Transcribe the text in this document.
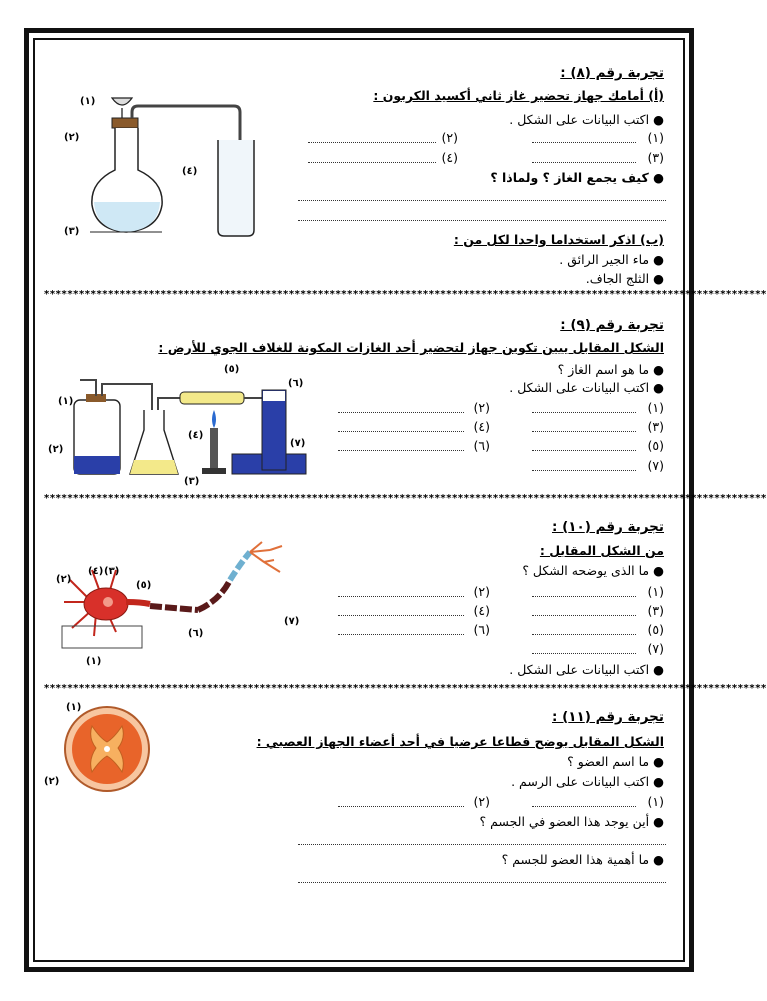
تجربة رقم (٨) :
(أ) أمامك جهاز تحضير غاز ثاني أكسيد الكربون :
● اكتب البيانات على الشكل .
(١)
(٢)
(٣)
(٤)
● كيف يجمع الغاز ؟ ولماذا ؟
(ب) اذكر استخداما واحدا لكل من :
● ماء الجير الرائق .
● الثلج الجاف.
(١)
(٢)
(٣)
(٤)
****************************************************************************************************************************
تجربة رقم (٩) :
الشكل المقابل يبين تكوين جهاز لتحضير أحد الغازات المكونة للغلاف الجوي للأرض :
● ما هو اسم الغاز ؟
● اكتب البيانات على الشكل .
(١)
(٢)
(٣)
(٤)
(٥)
(٦)
(٧)
(١)
(٢)
(٣)
(٤)
(٥)
(٦)
(٧)
****************************************************************************************************************************
تجربة رقم (١٠) :
من الشكل المقابل :
● ما الذى يوضحه الشكل ؟
(١)
(٢)
(٣)
(٤)
(٥)
(٦)
(٧)
● اكتب البيانات على الشكل .
(٤) (٣)
(٢)
(٥)
(٦)
(٧)
(١)
****************************************************************************************************************************
تجربة رقم (١١) :
الشكل المقابل يوضح قطاعا عرضيا في أحد أعضاء الجهاز العصبي :
● ما اسم العضو ؟
● اكتب البيانات على الرسم .
(١)
(٢)
● أين يوجد هذا العضو في الجسم ؟
● ما أهمية هذا العضو للجسم ؟
(١)
(٢)
